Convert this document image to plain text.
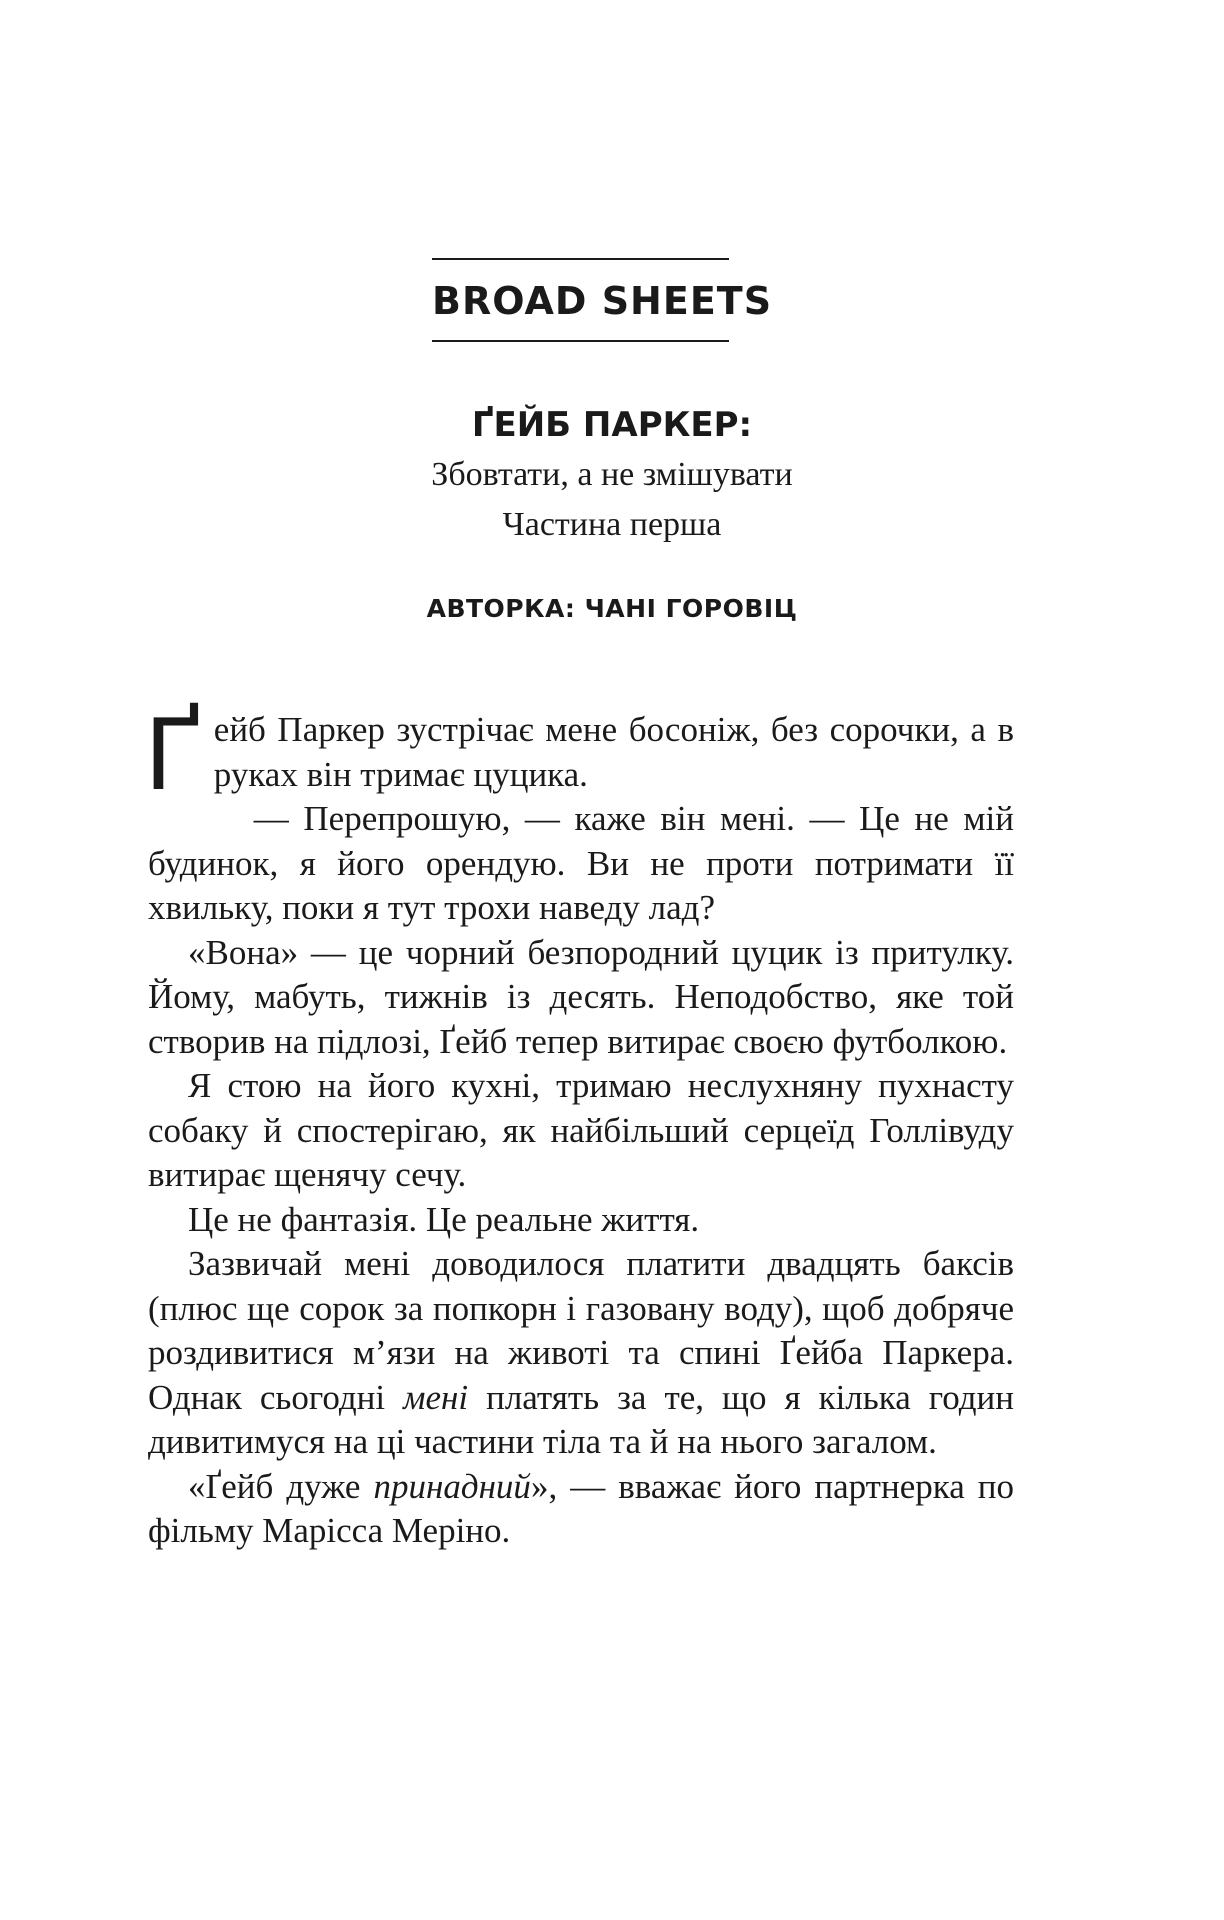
BROAD SHEETS

ҐЕЙБ ПАРКЕР:

Збовтати, а не змішувати

Частина перша

АВТОРКА: ЧАНІ ГОРОВІЦ

Ґейб Паркер зустрічає мене босоніж, без сорочки, а в руках він тримає цуцика.

— Перепрошую, — каже він мені. — Це не мій будинок, я його орендую. Ви не проти потримати її хвильку, поки я тут трохи наведу лад?

«Вона» — це чорний безпородний цуцик із притулку. Йому, мабуть, тижнів із десять. Неподобство, яке той створив на підлозі, Ґейб тепер витирає своєю футболкою.

Я стою на його кухні, тримаю неслухняну пухнасту собаку й спостерігаю, як найбільший серцеїд Голлівуду витирає щенячу сечу.

Це не фантазія. Це реальне життя.

Зазвичай мені доводилося платити двадцять баксів (плюс ще сорок за попкорн і газовану воду), щоб добряче роздивитися м’язи на животі та спині Ґейба Паркера. Однак сьогодні мені платять за те, що я кілька годин дивитимуся на ці частини тіла та й на нього загалом.

«Ґейб дуже принадний», — вважає його партнерка по фільму Марісса Меріно.
